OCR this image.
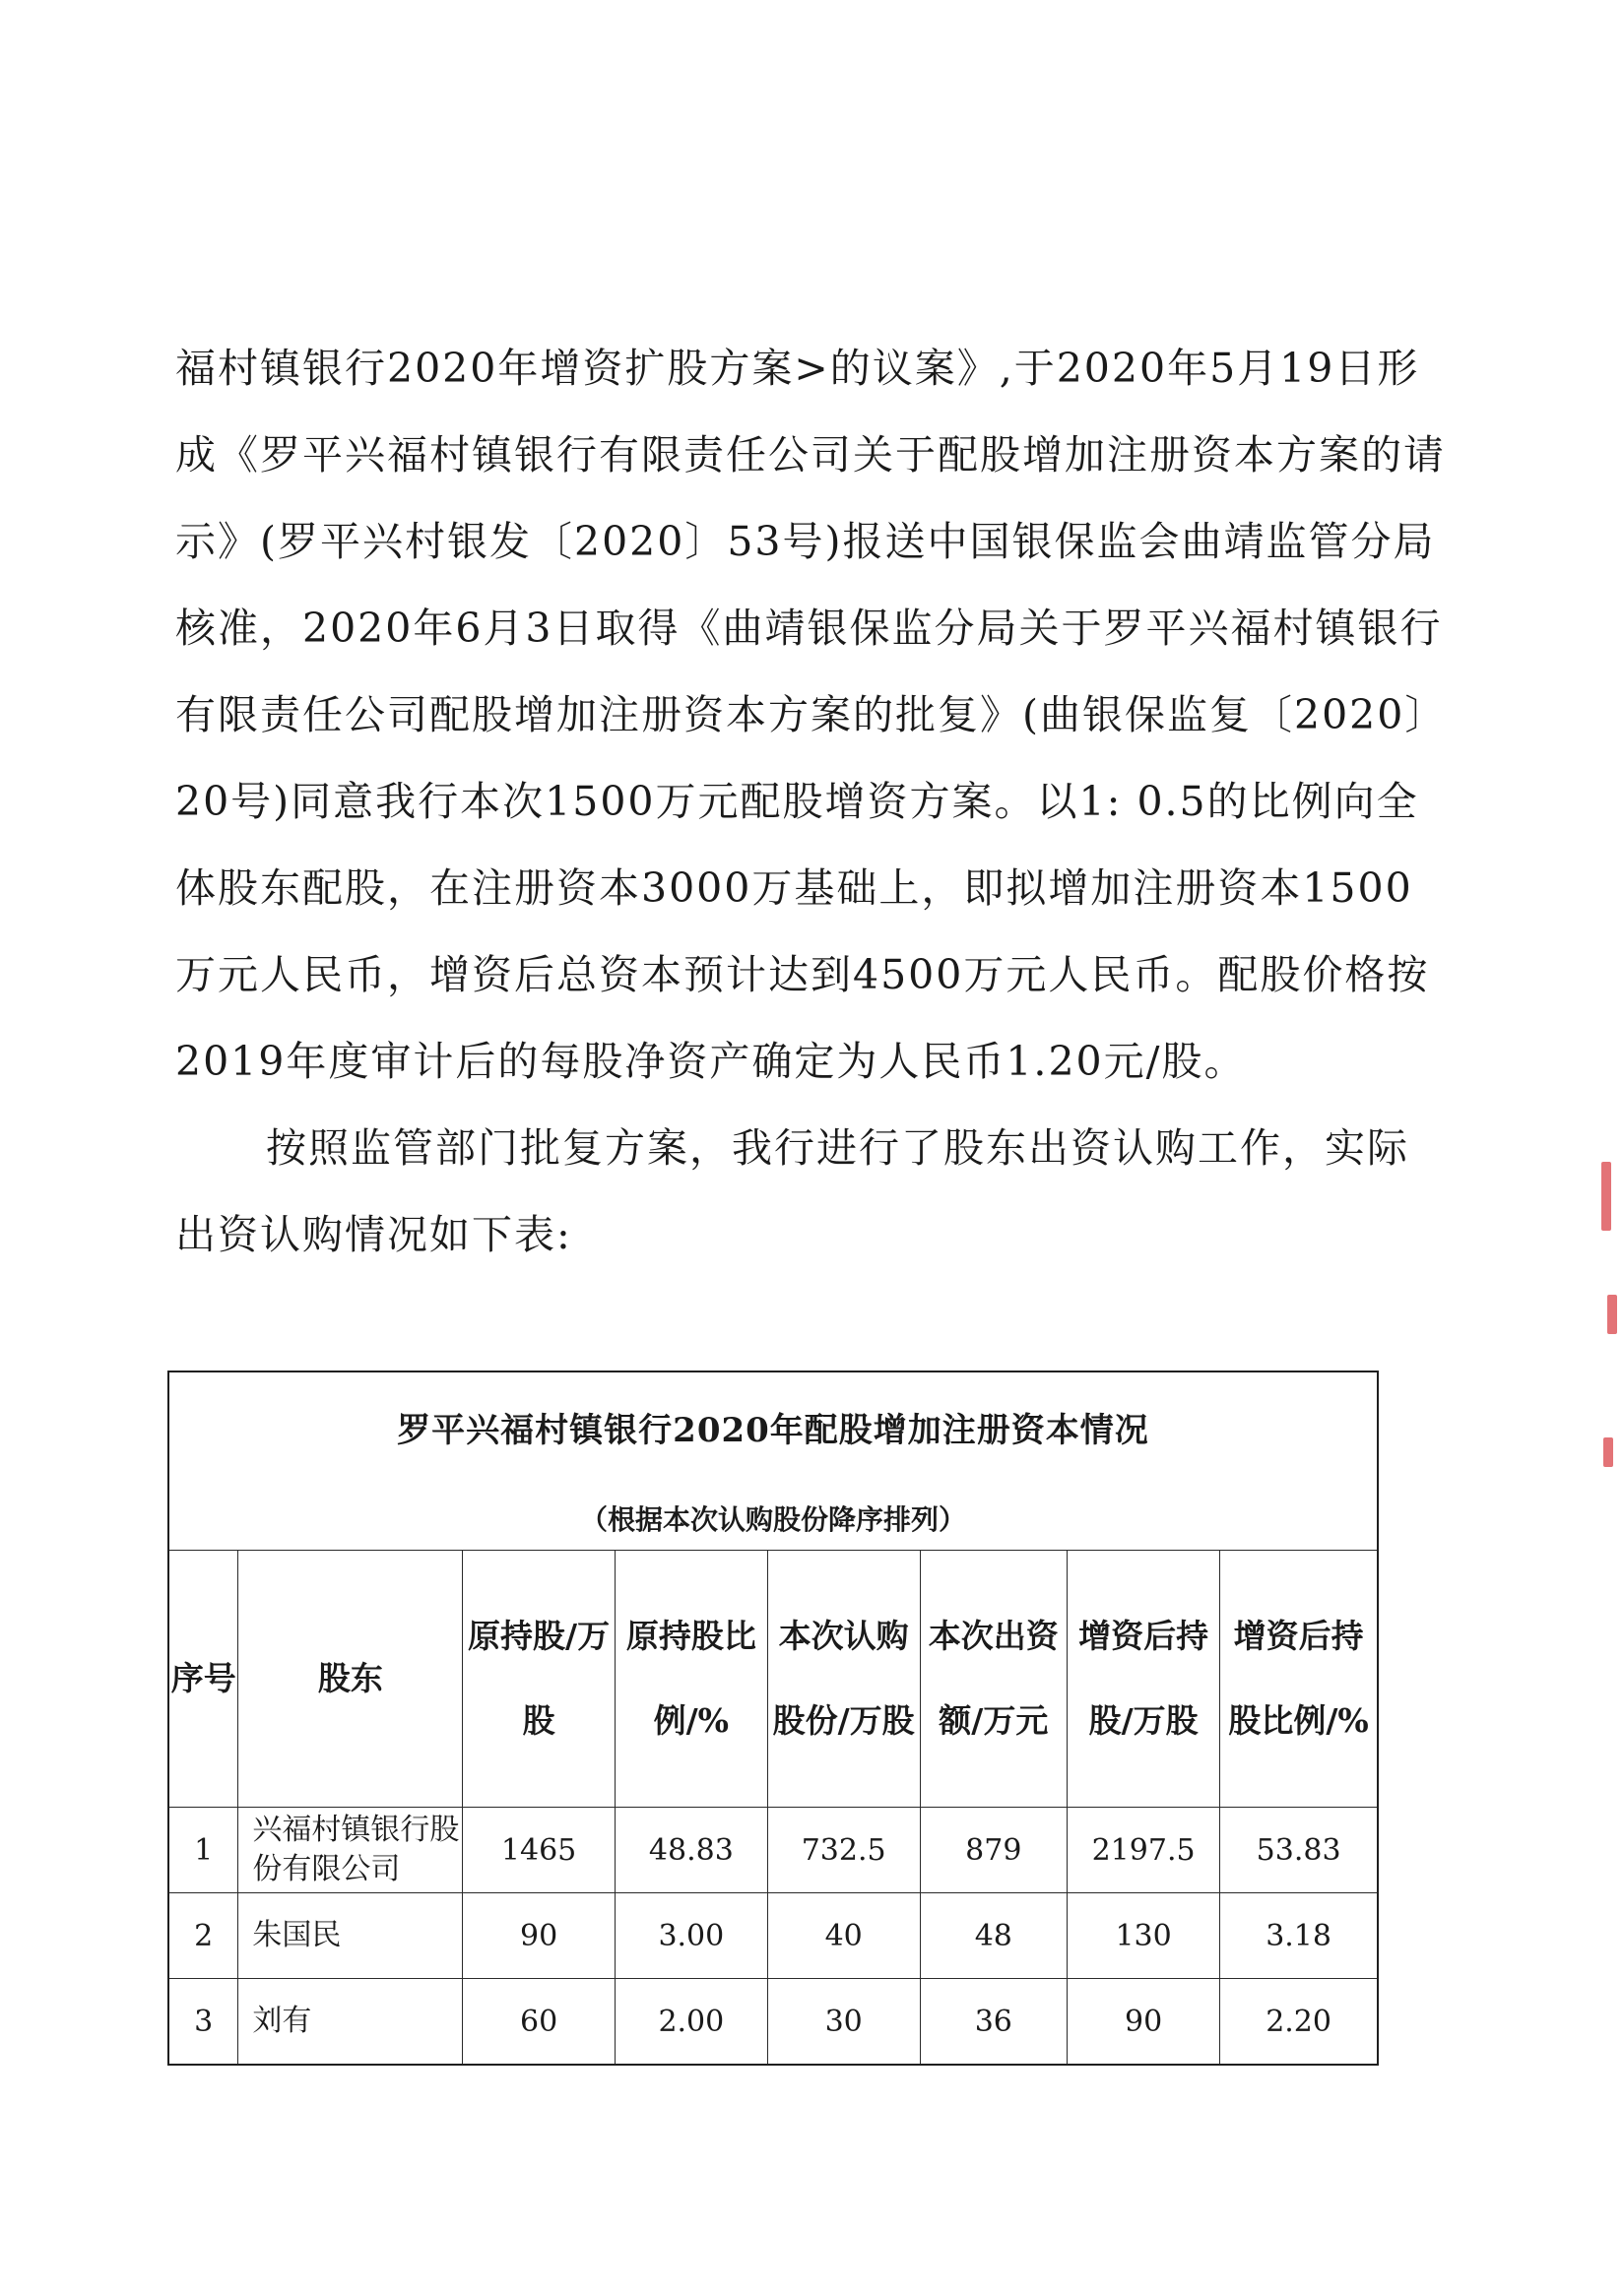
福村镇银行2020年增资扩股方案>的议案》,于2020年5月19日形成《罗平兴福村镇银行有限责任公司关于配股增加注册资本方案的请示》(罗平兴村银发〔2020〕53号)报送中国银保监会曲靖监管分局核准，2020年6月3日取得《曲靖银保监分局关于罗平兴福村镇银行有限责任公司配股增加注册资本方案的批复》(曲银保监复〔2020〕20号)同意我行本次1500万元配股增资方案。以1: 0.5的比例向全体股东配股，在注册资本3000万基础上，即拟增加注册资本1500万元人民币，增资后总资本预计达到4500万元人民币。配股价格按2019年度审计后的每股净资产确定为人民币1.20元/股。

按照监管部门批复方案，我行进行了股东出资认购工作，实际出资认购情况如下表:

罗平兴福村镇银行2020年配股增加注册资本情况
（根据本次认购股份降序排列）							

序号	股东	原持股/万股	原持股比例/%	本次认购股份/万股	本次出资额/万元	增资后持股/万股	增资后持股比例/%
1	兴福村镇银行股份有限公司	1465	48.83	732.5	879	2197.5	53.83
2	朱国民	90	3.00	40	48	130	3.18
3	刘有	60	2.00	30	36	90	2.20
